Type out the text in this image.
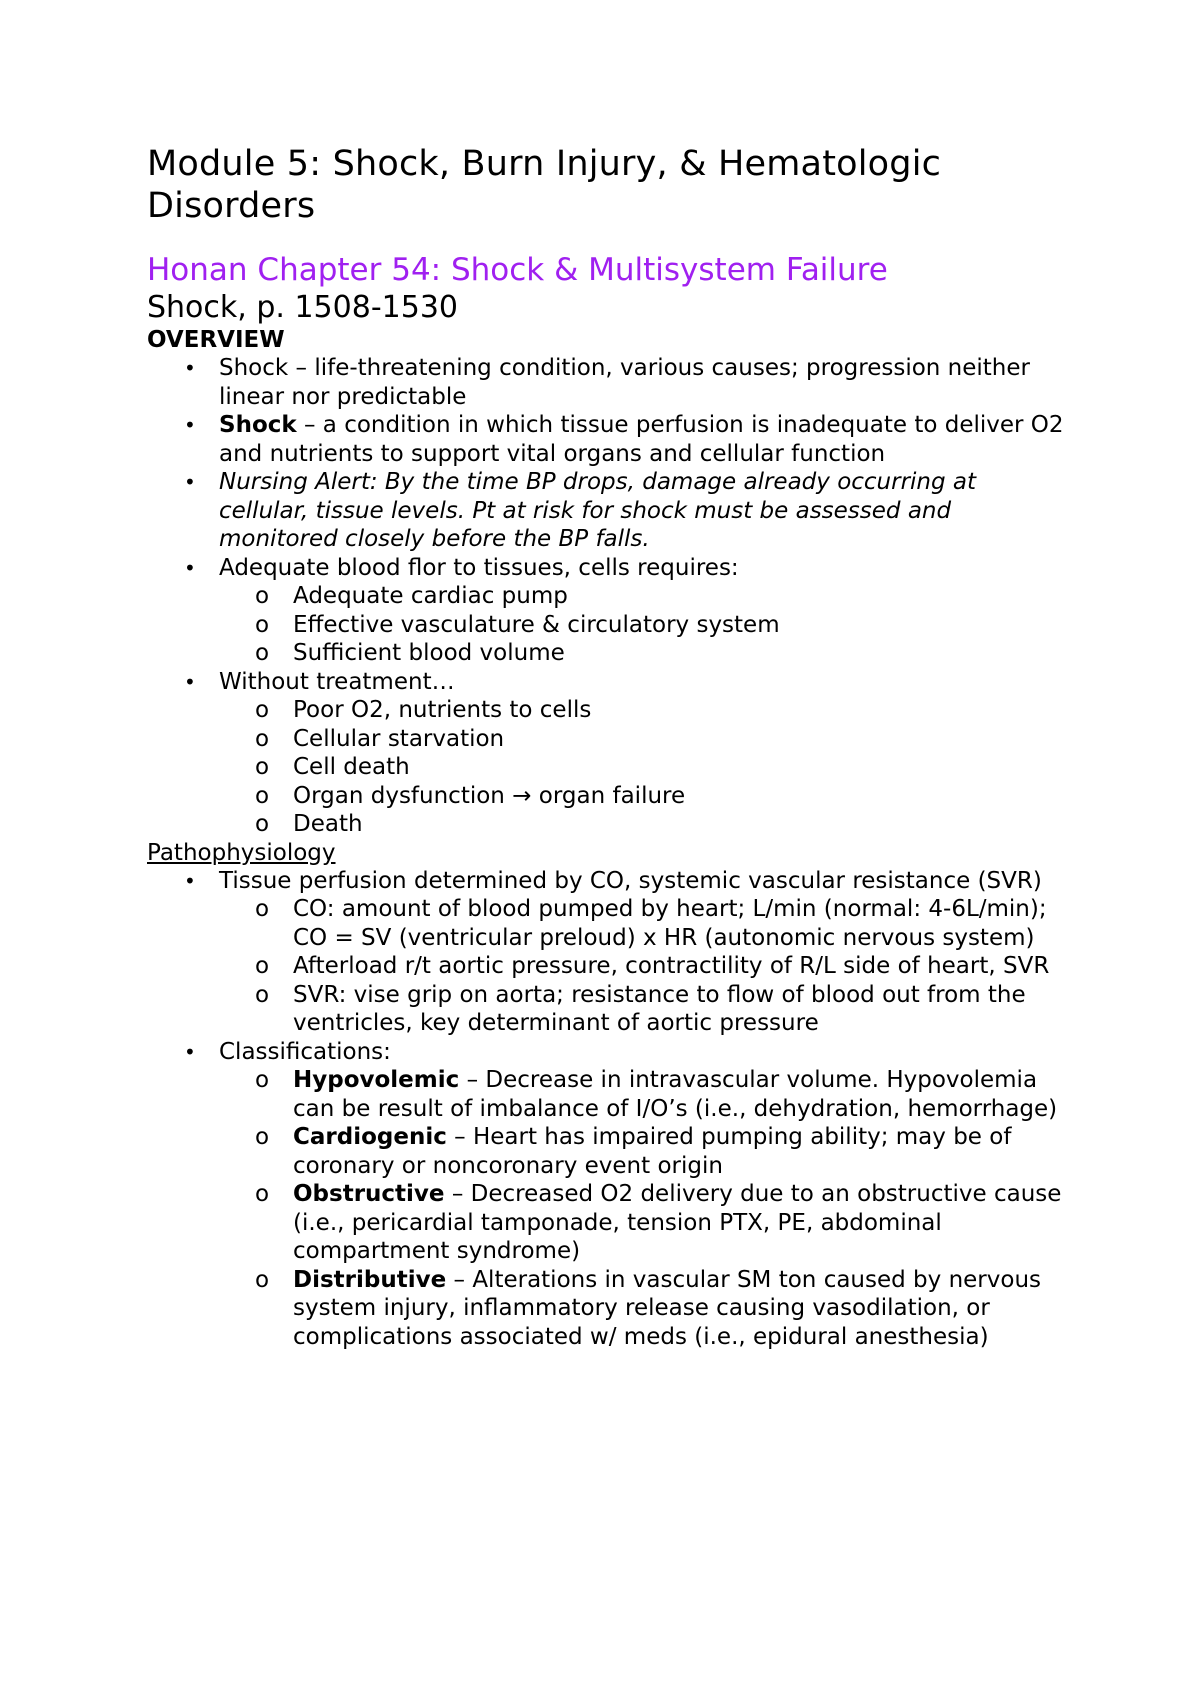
Module 5: Shock, Burn Injury, & Hematologic Disorders
Honan Chapter 54: Shock & Multisystem Failure
Shock, p. 1508-1530
OVERVIEW
• Shock – life-threatening condition, various causes; progression neither linear nor predictable
• Shock – a condition in which tissue perfusion is inadequate to deliver O2 and nutrients to support vital organs and cellular function
• Nursing Alert: By the time BP drops, damage already occurring at cellular, tissue levels. Pt at risk for shock must be assessed and monitored closely before the BP falls.
• Adequate blood flor to tissues, cells requires:
o Adequate cardiac pump
o Effective vasculature & circulatory system
o Sufficient blood volume
• Without treatment…
o Poor O2, nutrients to cells
o Cellular starvation
o Cell death
o Organ dysfunction → organ failure
o Death
Pathophysiology
• Tissue perfusion determined by CO, systemic vascular resistance (SVR)
o CO: amount of blood pumped by heart; L/min (normal: 4-6L/min); CO = SV (ventricular preloud) x HR (autonomic nervous system)
o Afterload r/t aortic pressure, contractility of R/L side of heart, SVR
o SVR: vise grip on aorta; resistance to flow of blood out from the ventricles, key determinant of aortic pressure
• Classifications:
o Hypovolemic – Decrease in intravascular volume. Hypovolemia can be result of imbalance of I/O’s (i.e., dehydration, hemorrhage)
o Cardiogenic – Heart has impaired pumping ability; may be of coronary or noncoronary event origin
o Obstructive – Decreased O2 delivery due to an obstructive cause (i.e., pericardial tamponade, tension PTX, PE, abdominal compartment syndrome)
o Distributive – Alterations in vascular SM ton caused by nervous system injury, inflammatory release causing vasodilation, or complications associated w/ meds (i.e., epidural anesthesia)
